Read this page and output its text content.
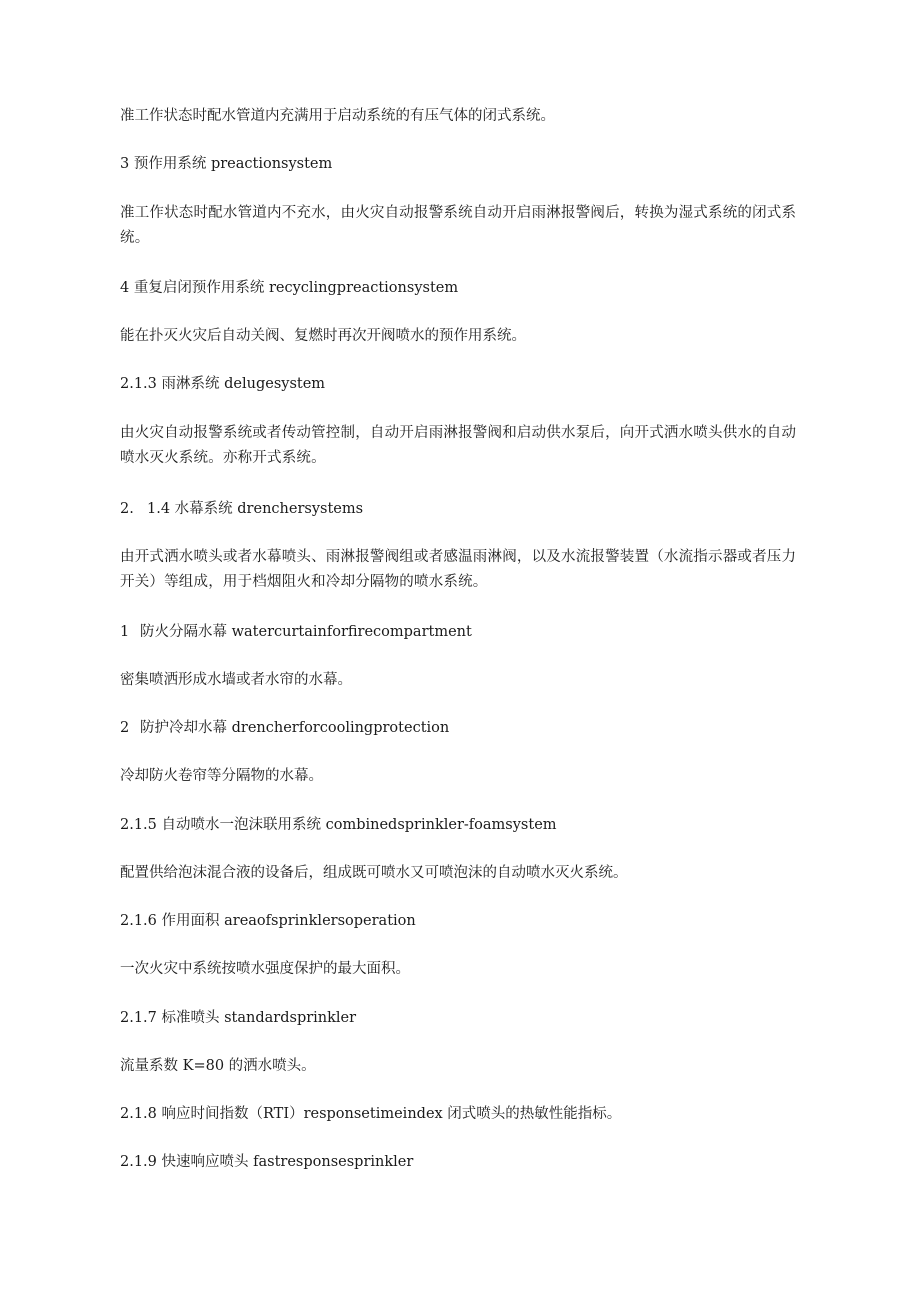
准工作状态时配水管道内充满用于启动系统的有压气体的闭式系统。

3 预作用系统 preactionsystem

准工作状态时配水管道内不充水，由火灾自动报警系统自动开启雨淋报警阀后，转换为湿式系统的闭式系统。

4 重复启闭预作用系统 recyclingpreactionsystem

能在扑灭火灾后自动关阀、复燃时再次开阀喷水的预作用系统。

2.1.3 雨淋系统 delugesystem

由火灾自动报警系统或者传动管控制，自动开启雨淋报警阀和启动供水泵后，向开式洒水喷头供水的自动喷水灭火系统。亦称开式系统。

2. 1.4 水幕系统 drenchersystems

由开式洒水喷头或者水幕喷头、雨淋报警阀组或者感温雨淋阀，以及水流报警装置（水流指示器或者压力开关）等组成，用于档烟阻火和冷却分隔物的喷水系统。

1 防火分隔水幕 watercurtainforfirecompartment

密集喷洒形成水墙或者水帘的水幕。

2 防护冷却水幕 drencherforcoolingprotection

冷却防火卷帘等分隔物的水幕。

2.1.5 自动喷水一泡沫联用系统 combinedsprinkler-foamsystem

配置供给泡沫混合液的设备后，组成既可喷水又可喷泡沫的自动喷水灭火系统。

2.1.6 作用面积 areaofsprinklersoperation

一次火灾中系统按喷水强度保护的最大面积。

2.1.7 标准喷头 standardsprinkler

流量系数 K=80 的洒水喷头。

2.1.8 响应时间指数（RTI）responsetimeindex 闭式喷头的热敏性能指标。

2.1.9 快速响应喷头 fastresponsesprinkler
